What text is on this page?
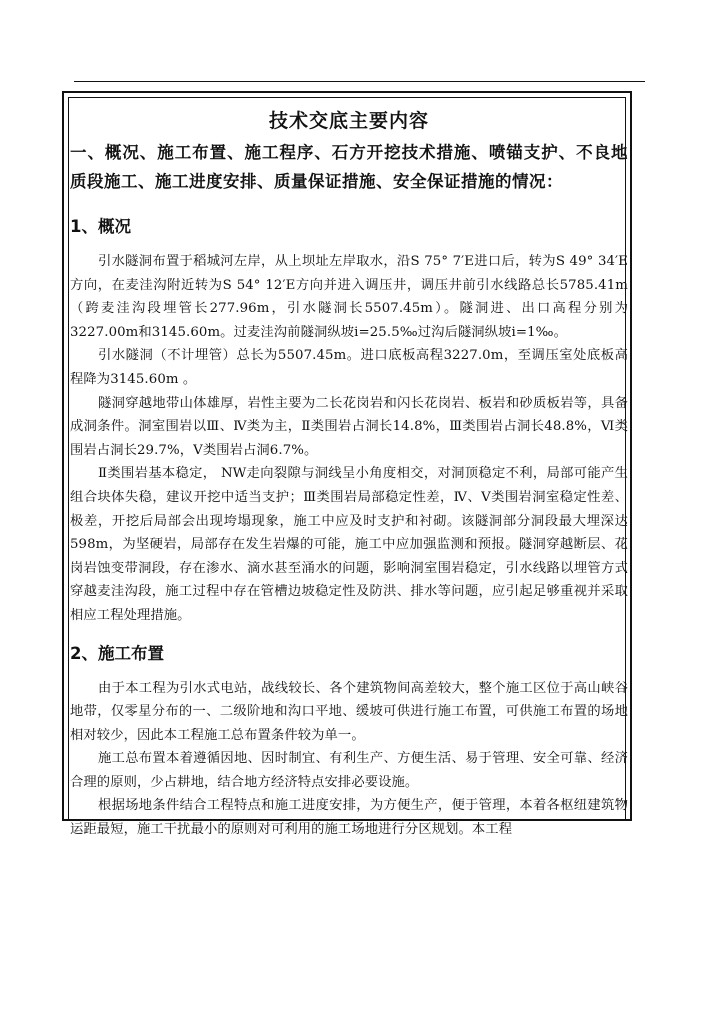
技术交底主要内容

一、概况、施工布置、施工程序、石方开挖技术措施、喷锚支护、不良地质段施工、施工进度安排、质量保证措施、安全保证措施的情况：

1、概况

引水隧洞布置于稻城河左岸，从上坝址左岸取水，沿S 75° 7′E进口后，转为S 49° 34′E方向，在麦洼沟附近转为S 54° 12′E方向并进入调压井，调压井前引水线路总长5785.41m（跨麦洼沟段埋管长277.96m，引水隧洞长5507.45m）。隧洞进、出口高程分别为3227.00m和3145.60m。过麦洼沟前隧洞纵坡i=25.5‰过沟后隧洞纵坡i=1‰。

引水隧洞（不计埋管）总长为5507.45m。进口底板高程3227.0m，至调压室处底板高程降为3145.60m 。

隧洞穿越地带山体雄厚，岩性主要为二长花岗岩和闪长花岗岩、板岩和砂质板岩等，具备成洞条件。洞室围岩以Ⅲ、Ⅳ类为主，Ⅱ类围岩占洞长14.8%，Ⅲ类围岩占洞长48.8%，Ⅵ类围岩占洞长29.7%，Ⅴ类围岩占洞6.7%。

Ⅱ类围岩基本稳定， NW走向裂隙与洞线呈小角度相交，对洞顶稳定不利，局部可能产生组合块体失稳，建议开挖中适当支护；Ⅲ类围岩局部稳定性差，Ⅳ、Ⅴ类围岩洞室稳定性差、极差，开挖后局部会出现垮塌现象，施工中应及时支护和衬砌。该隧洞部分洞段最大埋深达598m，为坚硬岩，局部存在发生岩爆的可能，施工中应加强监测和预报。隧洞穿越断层、花岗岩蚀变带洞段，存在渗水、滴水甚至涌水的问题，影响洞室围岩稳定，引水线路以埋管方式穿越麦洼沟段，施工过程中存在管槽边坡稳定性及防洪、排水等问题，应引起足够重视并采取相应工程处理措施。

2、施工布置

由于本工程为引水式电站，战线较长、各个建筑物间高差较大，整个施工区位于高山峡谷地带，仅零星分布的一、二级阶地和沟口平地、缓坡可供进行施工布置，可供施工布置的场地相对较少，因此本工程施工总布置条件较为单一。

施工总布置本着遵循因地、因时制宜、有利生产、方便生活、易于管理、安全可靠、经济合理的原则，少占耕地，结合地方经济特点安排必要设施。

根据场地条件结合工程特点和施工进度安排，为方便生产，便于管理，本着各枢纽建筑物运距最短，施工干扰最小的原则对可利用的施工场地进行分区规划。本工程
